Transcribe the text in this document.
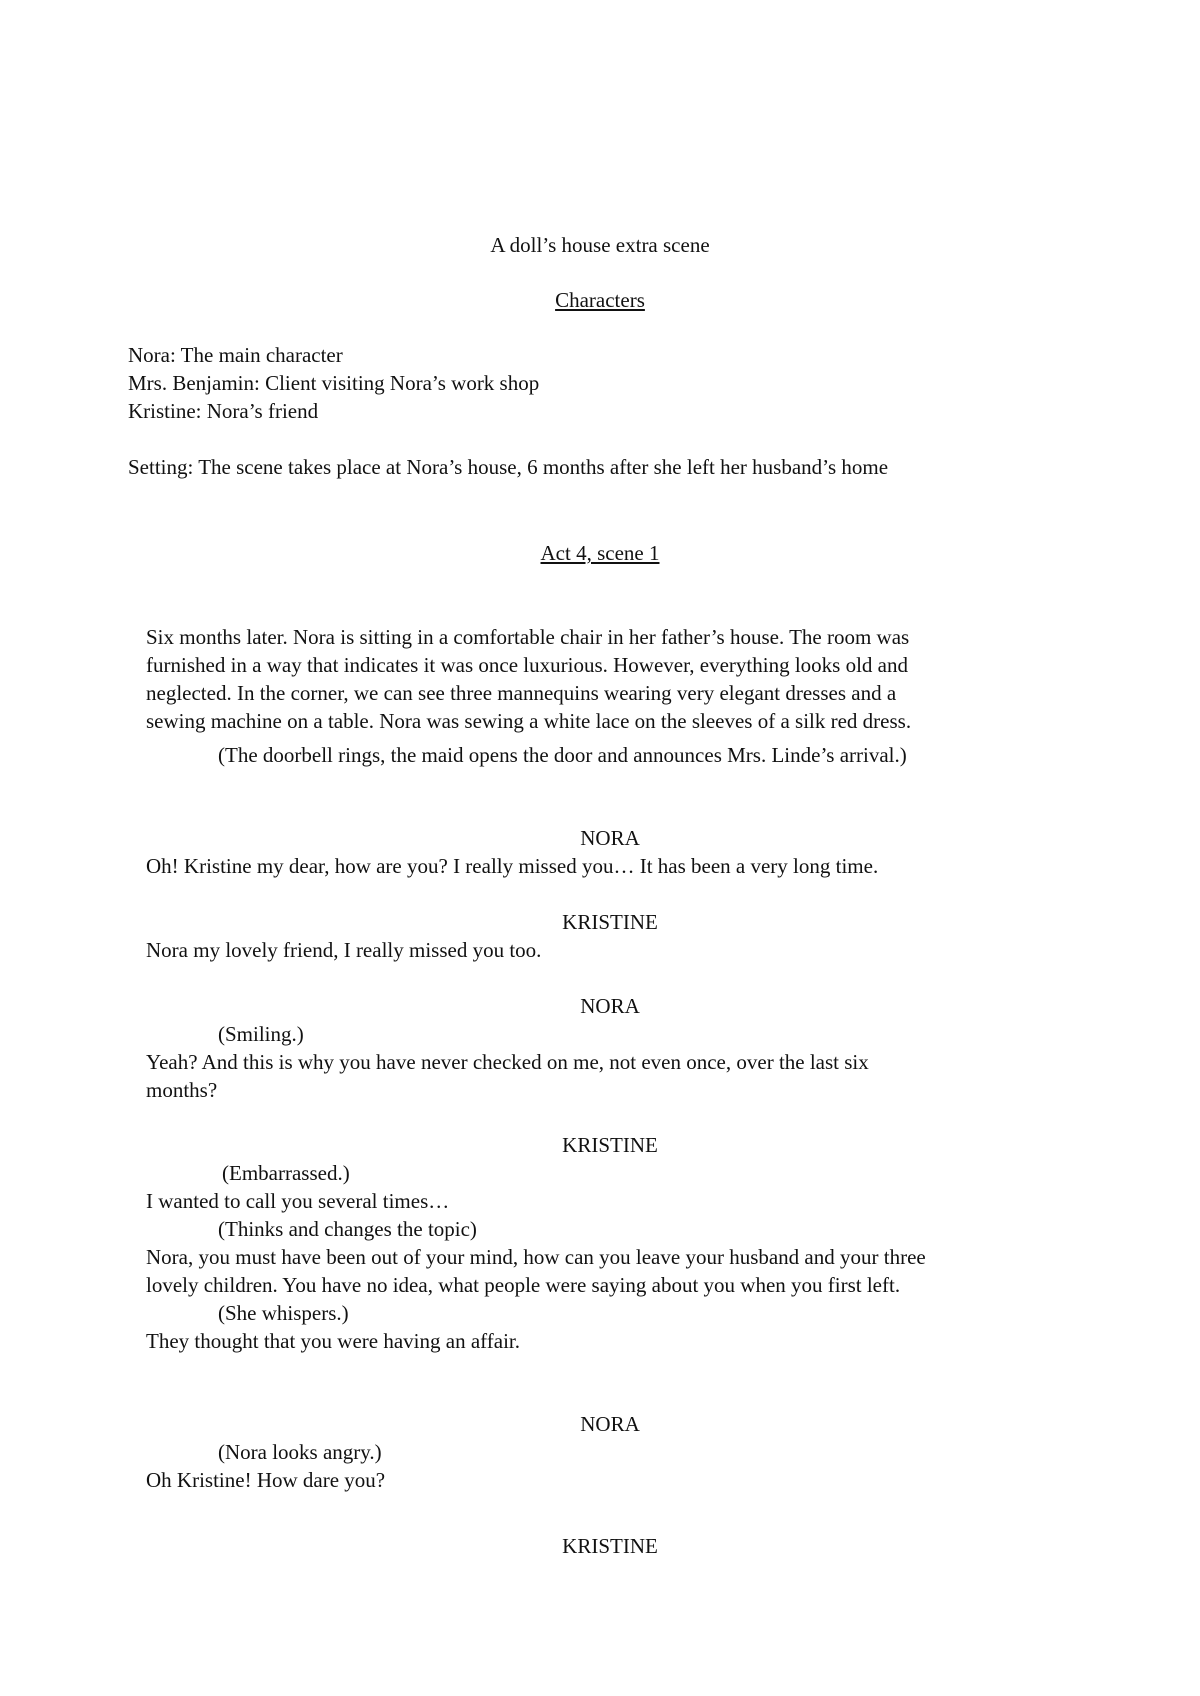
A doll’s house extra scene
Characters
Nora: The main character
Mrs. Benjamin: Client visiting Nora’s work shop
Kristine: Nora’s friend
Setting: The scene takes place at Nora’s house, 6 months after she left her husband’s home
Act 4, scene 1
Six months later. Nora is sitting in a comfortable chair in her father’s house. The room was
furnished in a way that indicates it was once luxurious. However, everything looks old and
neglected. In the corner, we can see three mannequins wearing very elegant dresses and a
sewing machine on a table. Nora was sewing a white lace on the sleeves of a silk red dress.
(The doorbell rings, the maid opens the door and announces Mrs. Linde’s arrival.)
NORA
Oh! Kristine my dear, how are you? I really missed you… It has been a very long time.
KRISTINE
Nora my lovely friend, I really missed you too.
NORA
(Smiling.)
Yeah? And this is why you have never checked on me, not even once, over the last six
months?
KRISTINE
(Embarrassed.)
I wanted to call you several times…
(Thinks and changes the topic)
Nora, you must have been out of your mind, how can you leave your husband and your three
lovely children. You have no idea, what people were saying about you when you first left.
(She whispers.)
They thought that you were having an affair.
NORA
(Nora looks angry.)
Oh Kristine! How dare you?
KRISTINE
